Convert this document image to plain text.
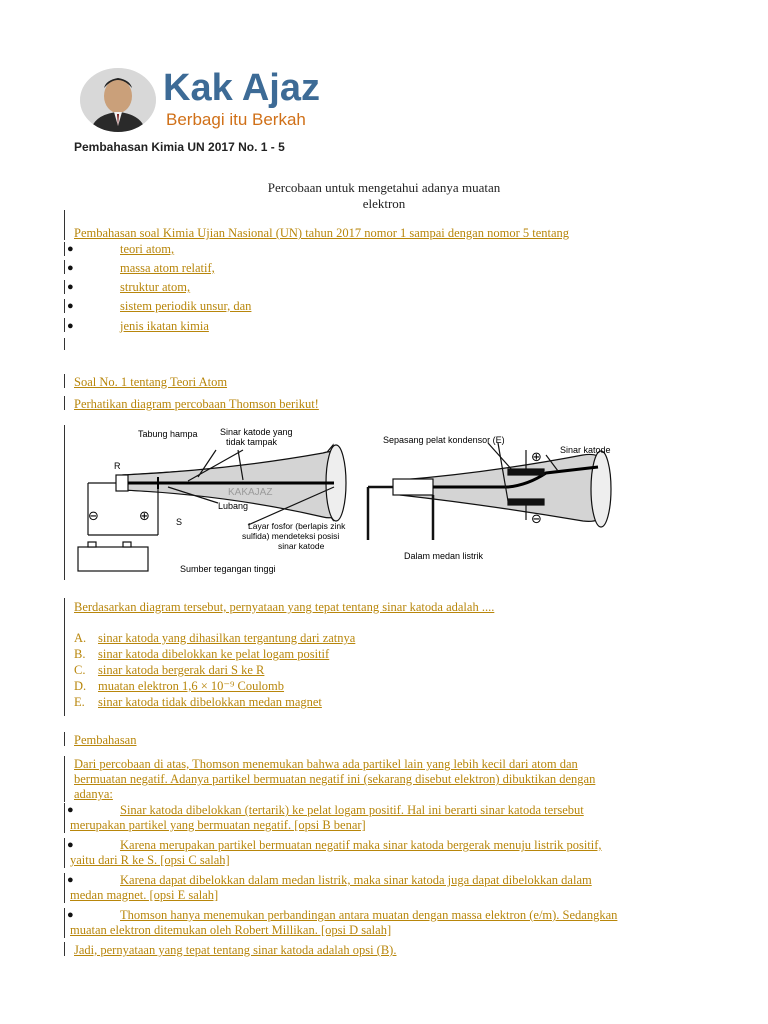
Kak Ajaz
Berbagi itu Berkah
Pembahasan Kimia UN 2017 No. 1 - 5
Percobaan untuk mengetahui adanya muatan
elektron
Pembahasan soal Kimia Ujian Nasional (UN) tahun 2017 nomor 1 sampai dengan nomor 5 tentang
●	teori atom,
●	massa atom relatif,
●	struktur atom,
●	sistem periodik unsur, dan
●	jenis ikatan kimia
Soal No. 1 tentang Teori Atom
Perhatikan diagram percobaan Thomson berikut!
Tabung hampa Sinar katode yang
tidak tampak
R
Lubang
S
⊖	⊕
Layar fosfor (berlapis zink
sulfida) mendeteksi posisi
sinar katode
Sumber tegangan tinggi
KAKAJAZ
Sepasang pelat kondensor (E)
Sinar katode
⊕
⊖
Dalam medan listrik
Berdasarkan diagram tersebut, pernyataan yang tepat tentang sinar katoda adalah ....
A. sinar katoda yang dihasilkan tergantung dari zatnya
B. sinar katoda dibelokkan ke pelat logam positif
C. sinar katoda bergerak dari S ke R
D. muatan elektron 1,6 × 10⁻⁹ Coulomb
E. sinar katoda tidak dibelokkan medan magnet
Pembahasan
Dari percobaan di atas, Thomson menemukan bahwa ada partikel lain yang lebih kecil dari atom dan
bermuatan negatif. Adanya partikel bermuatan negatif ini (sekarang disebut elektron) dibuktikan dengan
adanya:
●	Sinar katoda dibelokkan (tertarik) ke pelat logam positif. Hal ini berarti sinar katoda tersebut
merupakan partikel yang bermuatan negatif. [opsi B benar]
●	Karena merupakan partikel bermuatan negatif maka sinar katoda bergerak menuju listrik positif,
yaitu dari R ke S. [opsi C salah]
●	Karena dapat dibelokkan dalam medan listrik, maka sinar katoda juga dapat dibelokkan dalam
medan magnet. [opsi E salah]
●	Thomson hanya menemukan perbandingan antara muatan dengan massa elektron (e/m). Sedangkan
muatan elektron ditemukan oleh Robert Millikan. [opsi D salah]
Jadi, pernyataan yang tepat tentang sinar katoda adalah opsi (B).
